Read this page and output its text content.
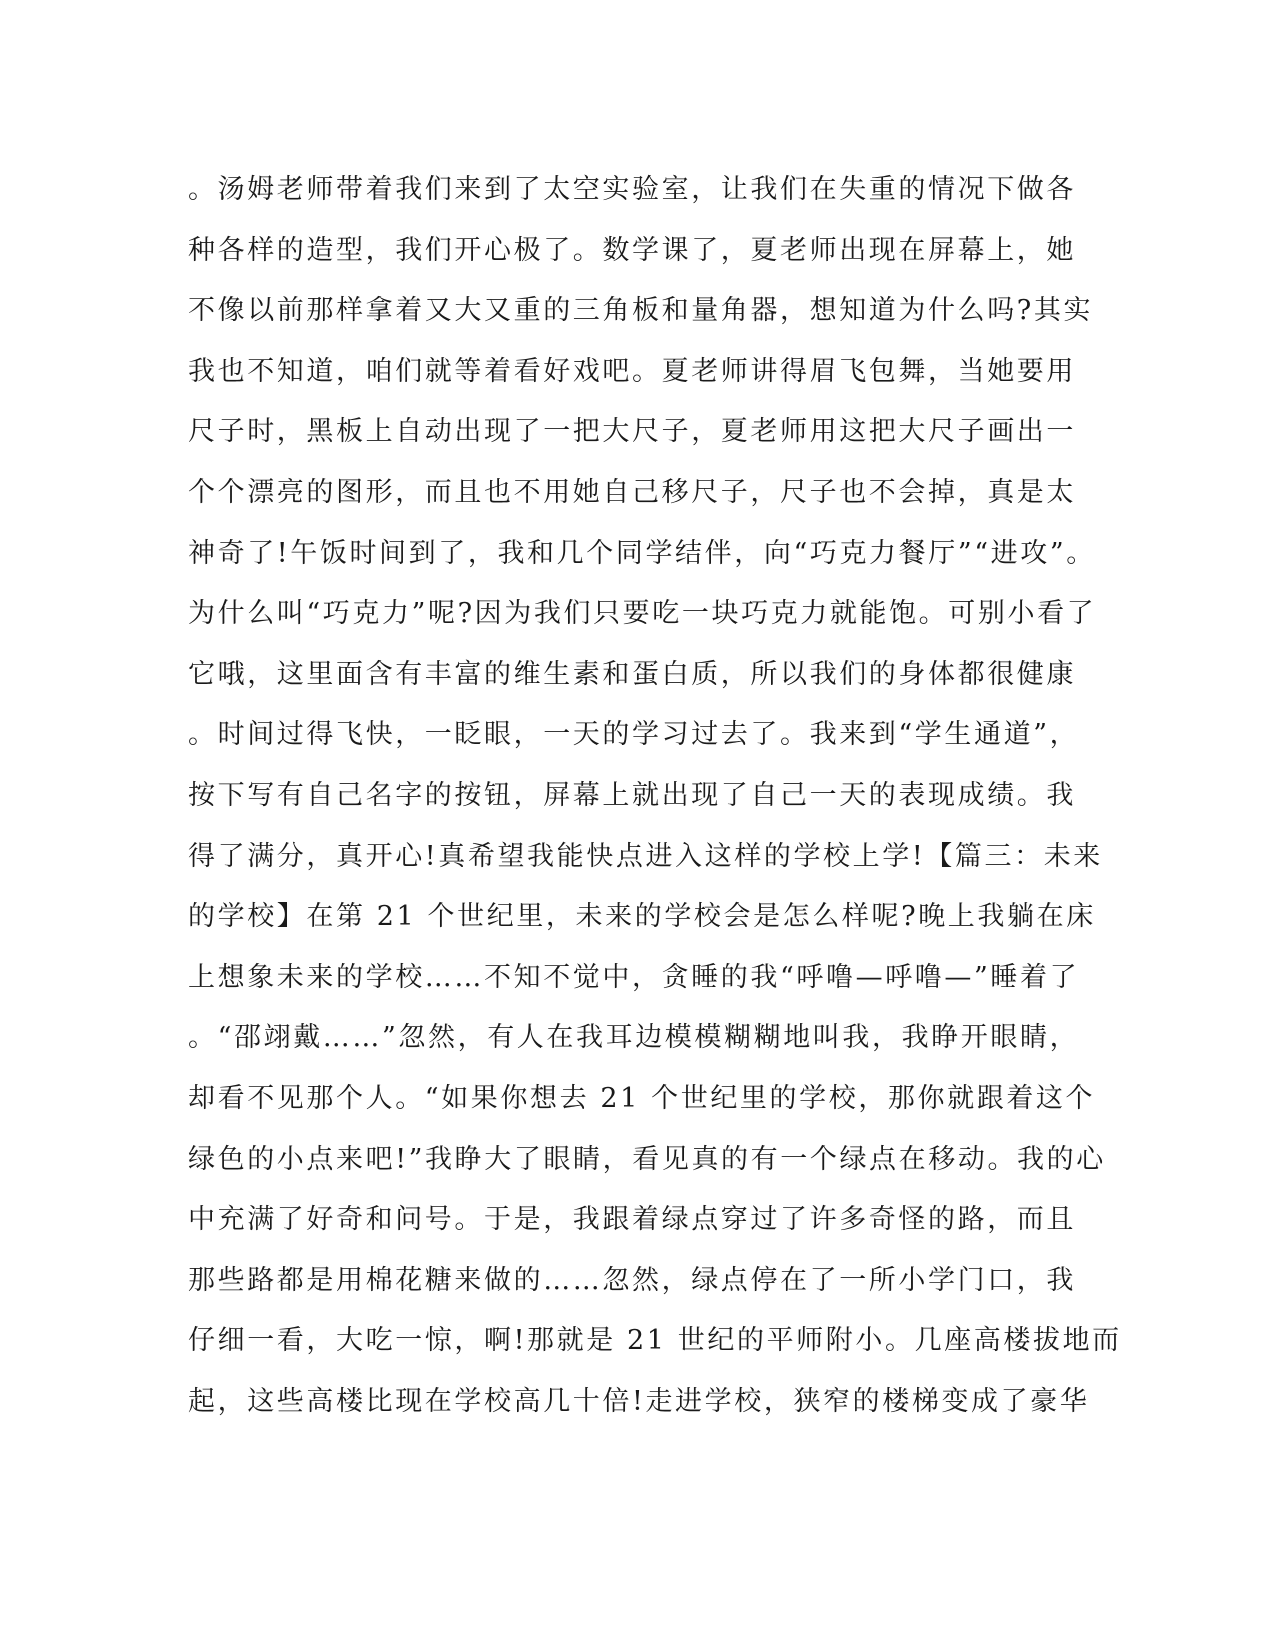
。汤姆老师带着我们来到了太空实验室，让我们在失重的情况下做各
种各样的造型，我们开心极了。数学课了，夏老师出现在屏幕上，她
不像以前那样拿着又大又重的三角板和量角器，想知道为什么吗?其实
我也不知道，咱们就等着看好戏吧。夏老师讲得眉飞包舞，当她要用
尺子时，黑板上自动出现了一把大尺子，夏老师用这把大尺子画出一
个个漂亮的图形，而且也不用她自己移尺子，尺子也不会掉，真是太
神奇了!午饭时间到了，我和几个同学结伴，向“巧克力餐厅”“进攻”。
为什么叫“巧克力”呢?因为我们只要吃一块巧克力就能饱。可别小看了
它哦，这里面含有丰富的维生素和蛋白质，所以我们的身体都很健康
。时间过得飞快，一眨眼，一天的学习过去了。我来到“学生通道”，
按下写有自己名字的按钮，屏幕上就出现了自己一天的表现成绩。我
得了满分，真开心!真希望我能快点进入这样的学校上学!【篇三：未来
的学校】在第 21 个世纪里，未来的学校会是怎么样呢?晚上我躺在床
上想象未来的学校……不知不觉中，贪睡的我“呼噜—呼噜—”睡着了
。“邵翊戴……”忽然，有人在我耳边模模糊糊地叫我，我睁开眼睛，
却看不见那个人。“如果你想去 21 个世纪里的学校，那你就跟着这个
绿色的小点来吧!”我睁大了眼睛，看见真的有一个绿点在移动。我的心
中充满了好奇和问号。于是，我跟着绿点穿过了许多奇怪的路，而且
那些路都是用棉花糖来做的……忽然，绿点停在了一所小学门口，我
仔细一看，大吃一惊，啊!那就是 21 世纪的平师附小。几座高楼拔地而
起，这些高楼比现在学校高几十倍!走进学校，狭窄的楼梯变成了豪华
